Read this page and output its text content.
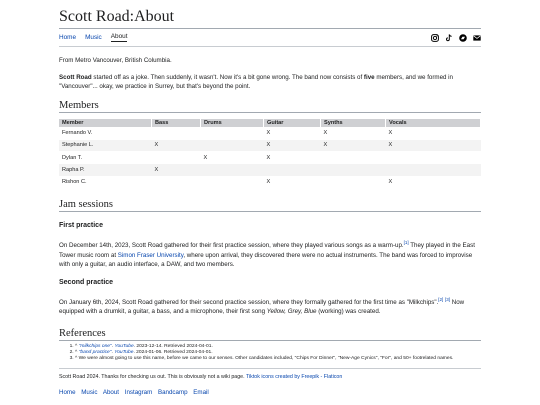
Scott Road:About
Home Music About

From Metro Vancouver, British Columbia.

Scott Road started off as a joke. Then suddenly, it wasn't. Now it's a bit gone wrong. The band now consists of five members, and we formed in "Vancouver"... okay, we practice in Surrey, but that's beyond the point.

Members
Member	Bass	Drums	Guitar	Synths	Vocals
Fernando V.			X	X	X
Stephanie L.	X		X	X	X
Dylan T.		X	X		
Rapha P.	X				
Rishon C.			X		X
Jam sessions
First practice

On December 14th, 2023, Scott Road gathered for their first practice session, where they played various songs as a warm-up.[1] They played in the East Tower music room at Simon Fraser University, where upon arrival, they discovered there were no actual instruments. The band was forced to improvise with only a guitar, an audio interface, a DAW, and two members.

Second practice

On January 6th, 2024, Scott Road gathered for their second practice session, where they formally gathered for the first time as "Milkchips".[2] [3] Now equipped with a drumkit, a guitar, a bass, and a microphone, their first song Yellow, Grey, Blue (working) was created.

References
1. ^ "milkchips one". YouTube. 2023-12-14. Retrieved 2024-04-01.
2. ^ "band practice". YouTube. 2024-01-06. Retrieved 2024-04-01.
3. ^ We were almost going to use this name, before we came to our senses. Other candidates included, "Chips For Dinner", "New-Age Cynics", "For", and 50+ footrelated names.
Scott Road 2024. Thanks for checking us out. This is obviously not a wiki page. Tiktok icons created by Freepik - Flaticon
Home Music About Instagram Bandcamp Email
